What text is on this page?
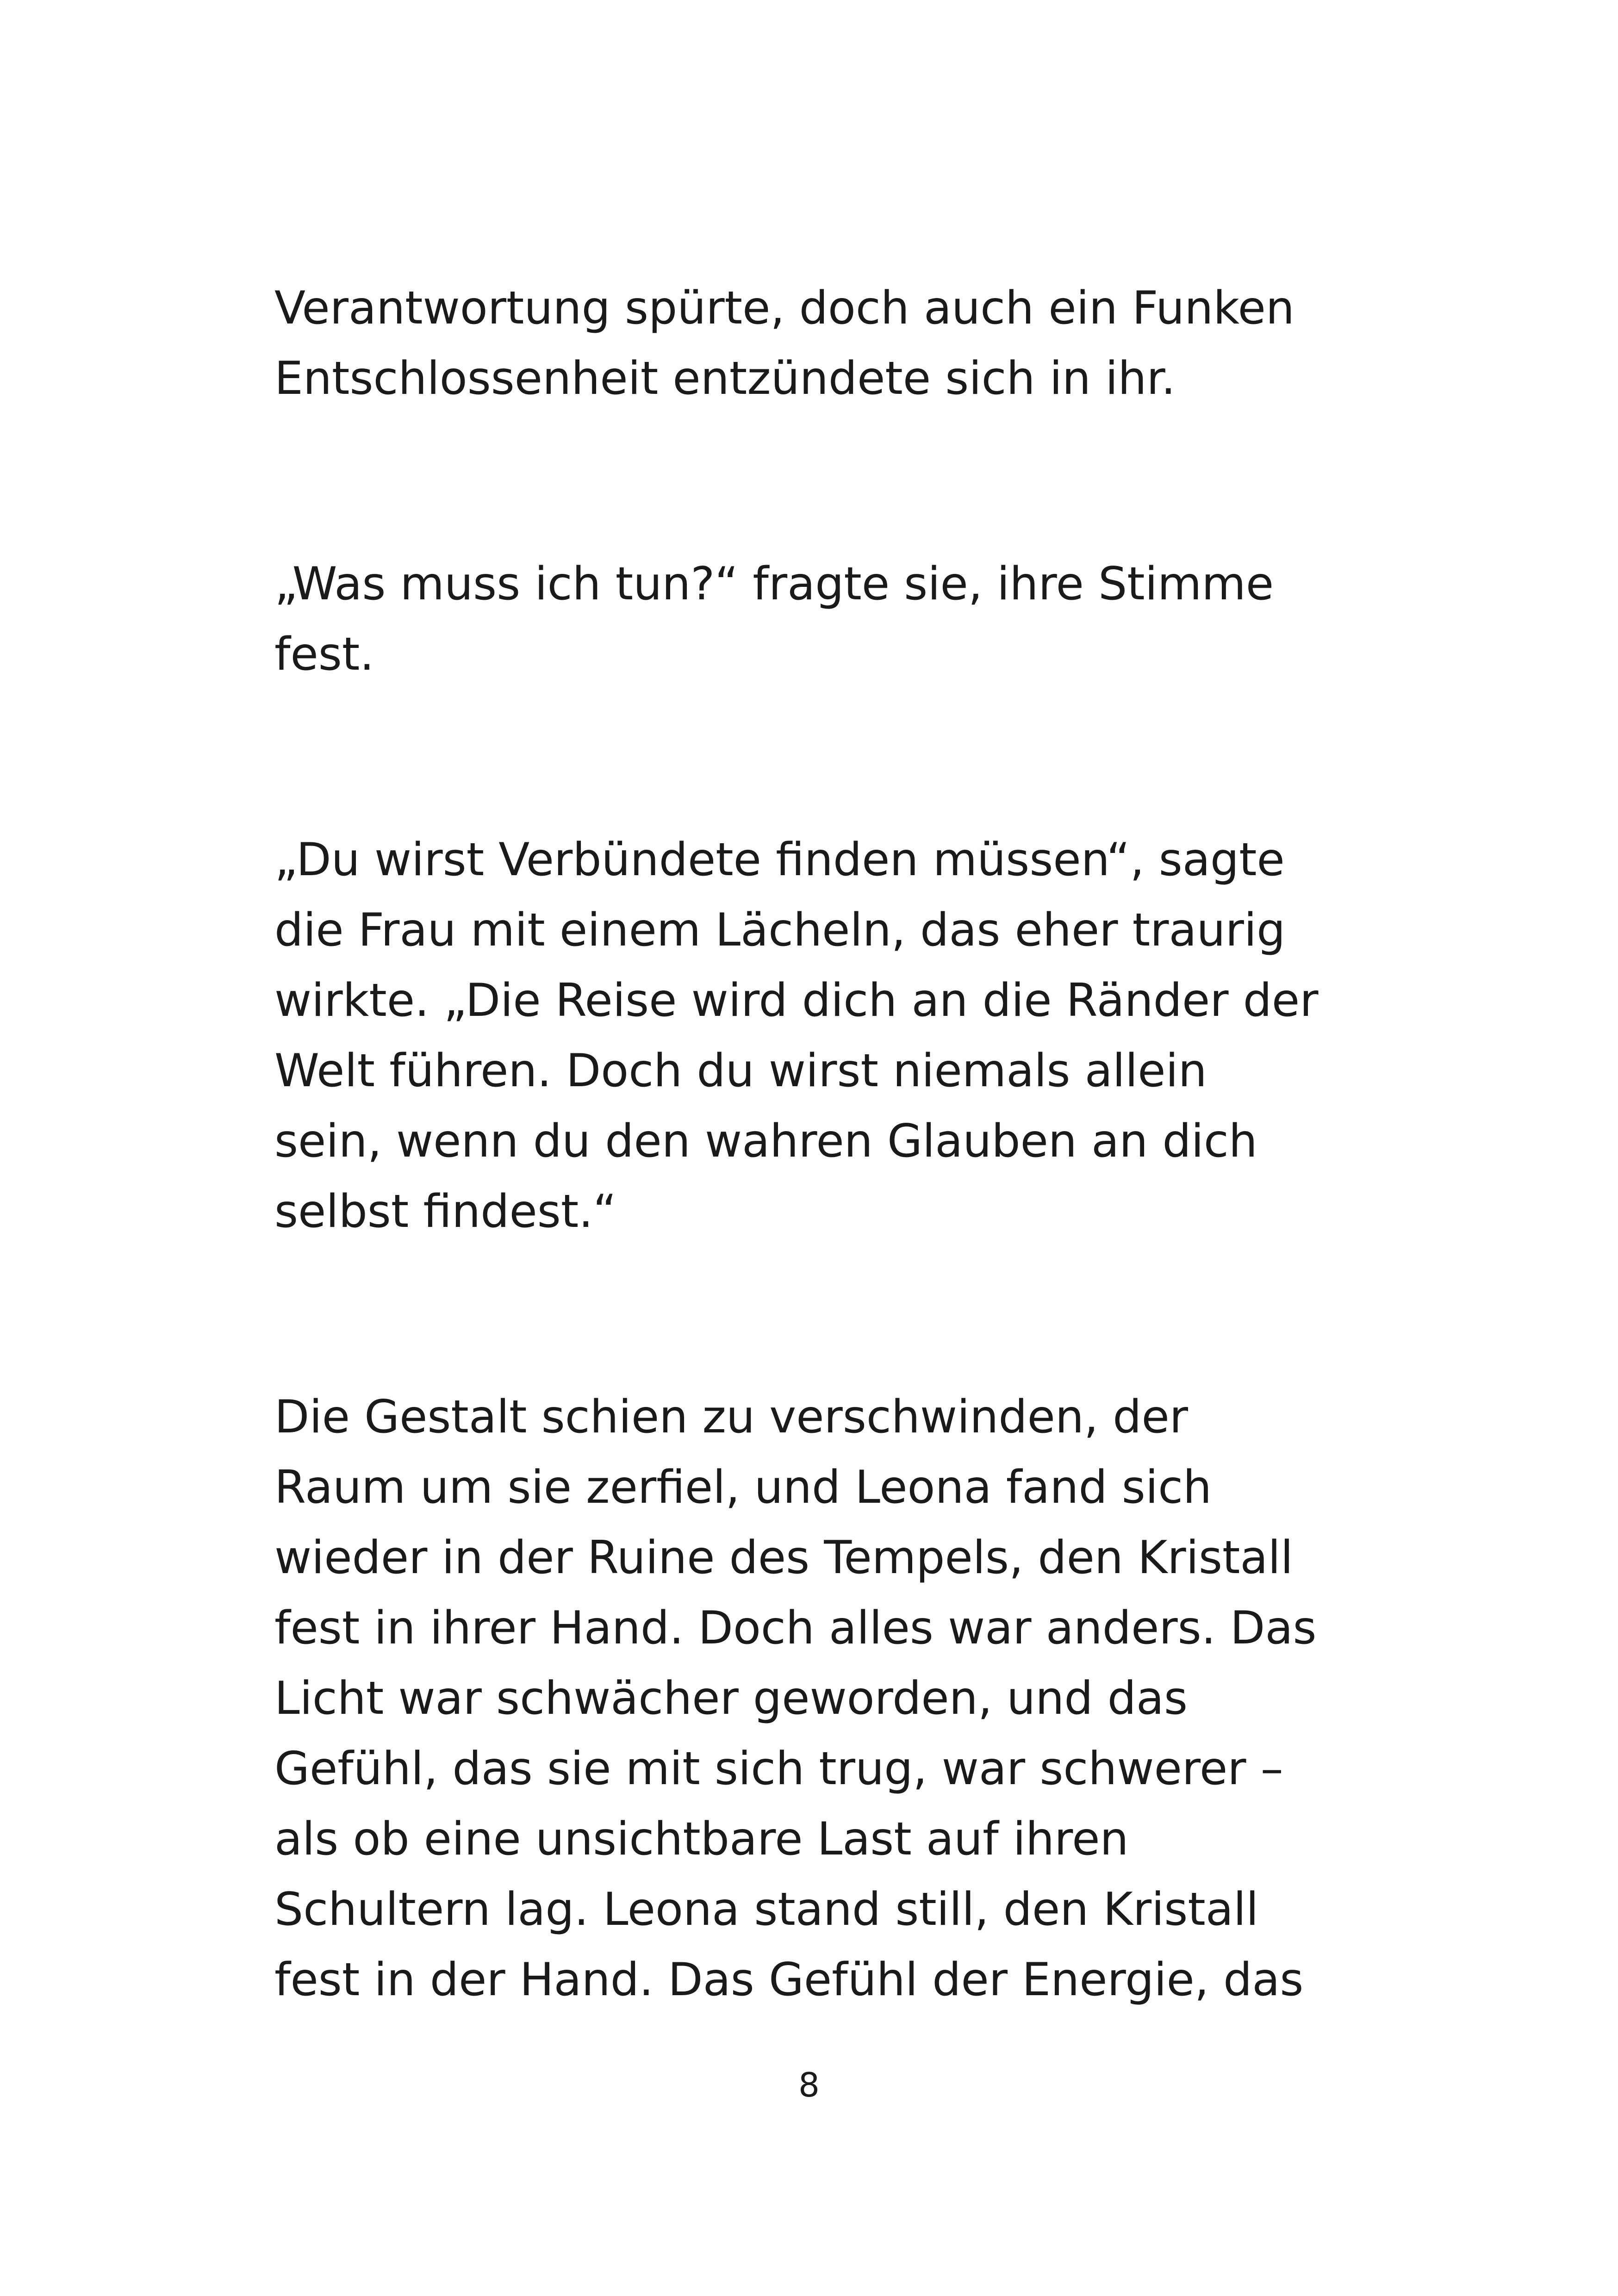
Verantwortung spürte, doch auch ein Funken
Entschlossenheit entzündete sich in ihr.

„Was muss ich tun?“ fragte sie, ihre Stimme
fest.

„Du wirst Verbündete finden müssen“, sagte
die Frau mit einem Lächeln, das eher traurig
wirkte. „Die Reise wird dich an die Ränder der
Welt führen. Doch du wirst niemals allein
sein, wenn du den wahren Glauben an dich
selbst findest.“

Die Gestalt schien zu verschwinden, der
Raum um sie zerfiel, und Leona fand sich
wieder in der Ruine des Tempels, den Kristall
fest in ihrer Hand. Doch alles war anders. Das
Licht war schwächer geworden, und das
Gefühl, das sie mit sich trug, war schwerer –
als ob eine unsichtbare Last auf ihren
Schultern lag. Leona stand still, den Kristall
fest in der Hand. Das Gefühl der Energie, das

8
